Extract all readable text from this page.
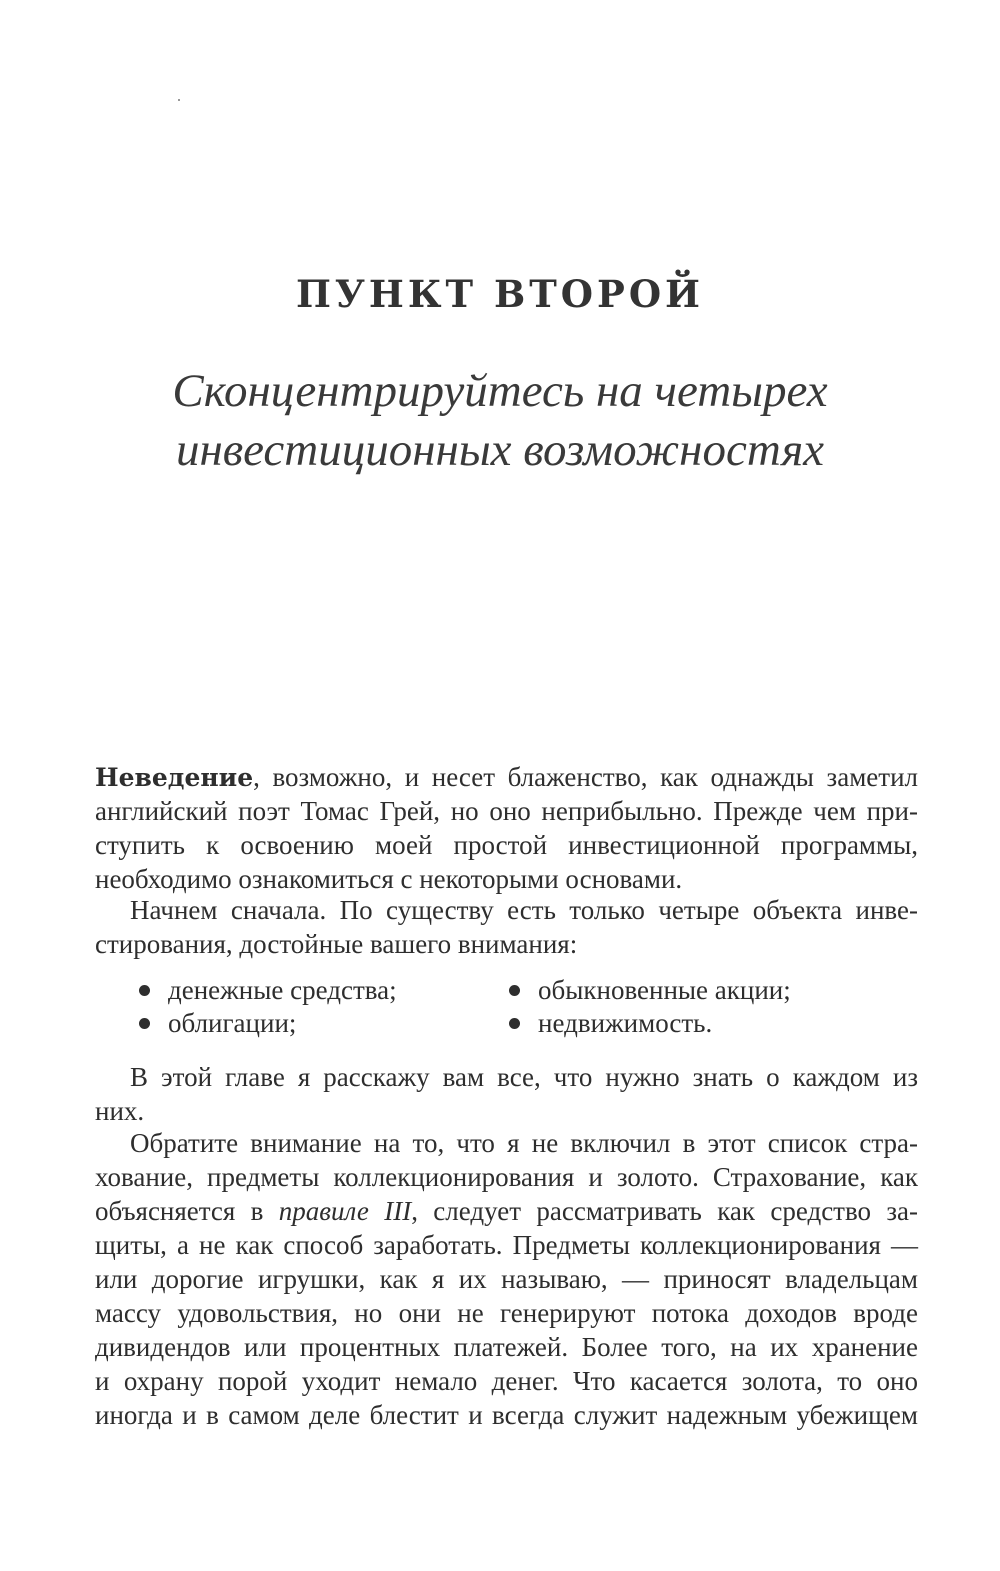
ПУНКТ ВТОРОЙ
Сконцентрируйтесь на четырех
инвестиционных возможностях
Неведение, возможно, и несет блаженство, как однажды заметил
английский поэт Томас Грей, но оно неприбыльно. Прежде чем при-
ступить к освоению моей простой инвестиционной программы,
необходимо ознакомиться с некоторыми основами.
Начнем сначала. По существу есть только четыре объекта инве-
стирования, достойные вашего внимания:
денежные средства;
облигации;
обыкновенные акции;
недвижимость.
В этой главе я расскажу вам все, что нужно знать о каждом из
них.
Обратите внимание на то, что я не включил в этот список стра-
хование, предметы коллекционирования и золото. Страхование, как
объясняется в правиле III, следует рассматривать как средство за-
щиты, а не как способ заработать. Предметы коллекционирования —
или дорогие игрушки, как я их называю, — приносят владельцам
массу удовольствия, но они не генерируют потока доходов вроде
дивидендов или процентных платежей. Более того, на их хранение
и охрану порой уходит немало денег. Что касается золота, то оно
иногда и в самом деле блестит и всегда служит надежным убежищем
